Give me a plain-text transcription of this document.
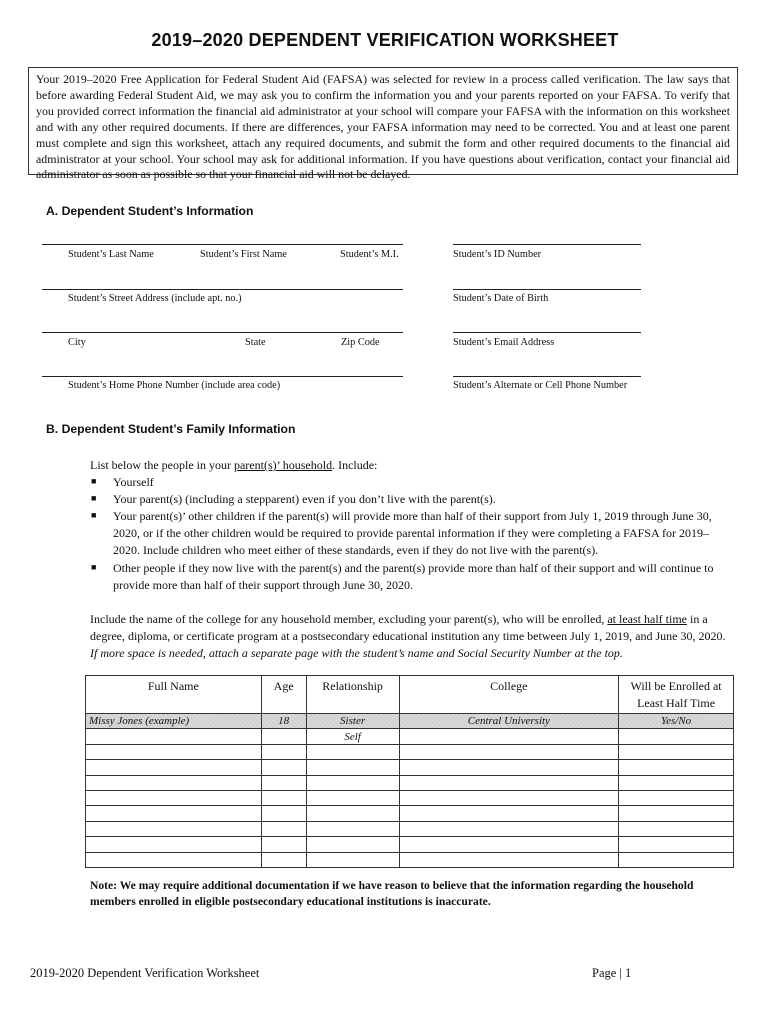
2019–2020 DEPENDENT VERIFICATION WORKSHEET
Your 2019–2020 Free Application for Federal Student Aid (FAFSA) was selected for review in a process called verification. The law says that before awarding Federal Student Aid, we may ask you to confirm the information you and your parents reported on your FAFSA. To verify that you provided correct information the financial aid administrator at your school will compare your FAFSA with the information on this worksheet and with any other required documents. If there are differences, your FAFSA information may need to be corrected. You and at least one parent must complete and sign this worksheet, attach any required documents, and submit the form and other required documents to the financial aid administrator at your school. Your school may ask for additional information. If you have questions about verification, contact your financial aid administrator as soon as possible so that your financial aid will not be delayed.
A. Dependent Student’s Information
Student’s Last Name	Student’s First Name	Student’s M.I.	Student’s ID Number
Student’s Street Address (include apt. no.)	Student’s Date of Birth
City	State	Zip Code	Student’s Email Address
Student’s Home Phone Number (include area code)	Student’s Alternate or Cell Phone Number
B. Dependent Student’s Family Information
List below the people in your parent(s)’ household. Include:
■ Yourself
■ Your parent(s) (including a stepparent) even if you don’t live with the parent(s).
■ Your parent(s)’ other children if the parent(s) will provide more than half of their support from July 1, 2019 through June 30, 2020, or if the other children would be required to provide parental information if they were completing a FAFSA for 2019–2020. Include children who meet either of these standards, even if they do not live with the parent(s).
■ Other people if they now live with the parent(s) and the parent(s) provide more than half of their support and will continue to provide more than half of their support through June 30, 2020.
Include the name of the college for any household member, excluding your parent(s), who will be enrolled, at least half time in a degree, diploma, or certificate program at a postsecondary educational institution any time between July 1, 2019, and June 30, 2020. If more space is needed, attach a separate page with the student’s name and Social Security Number at the top.
Full Name	Age	Relationship	College	Will be Enrolled at Least Half Time
Missy Jones (example)	18	Sister	Central University	Yes/No
		Self		

Note: We may require additional documentation if we have reason to believe that the information regarding the household members enrolled in eligible postsecondary educational institutions is inaccurate.
2019-2020 Dependent Verification Worksheet	Page | 1
